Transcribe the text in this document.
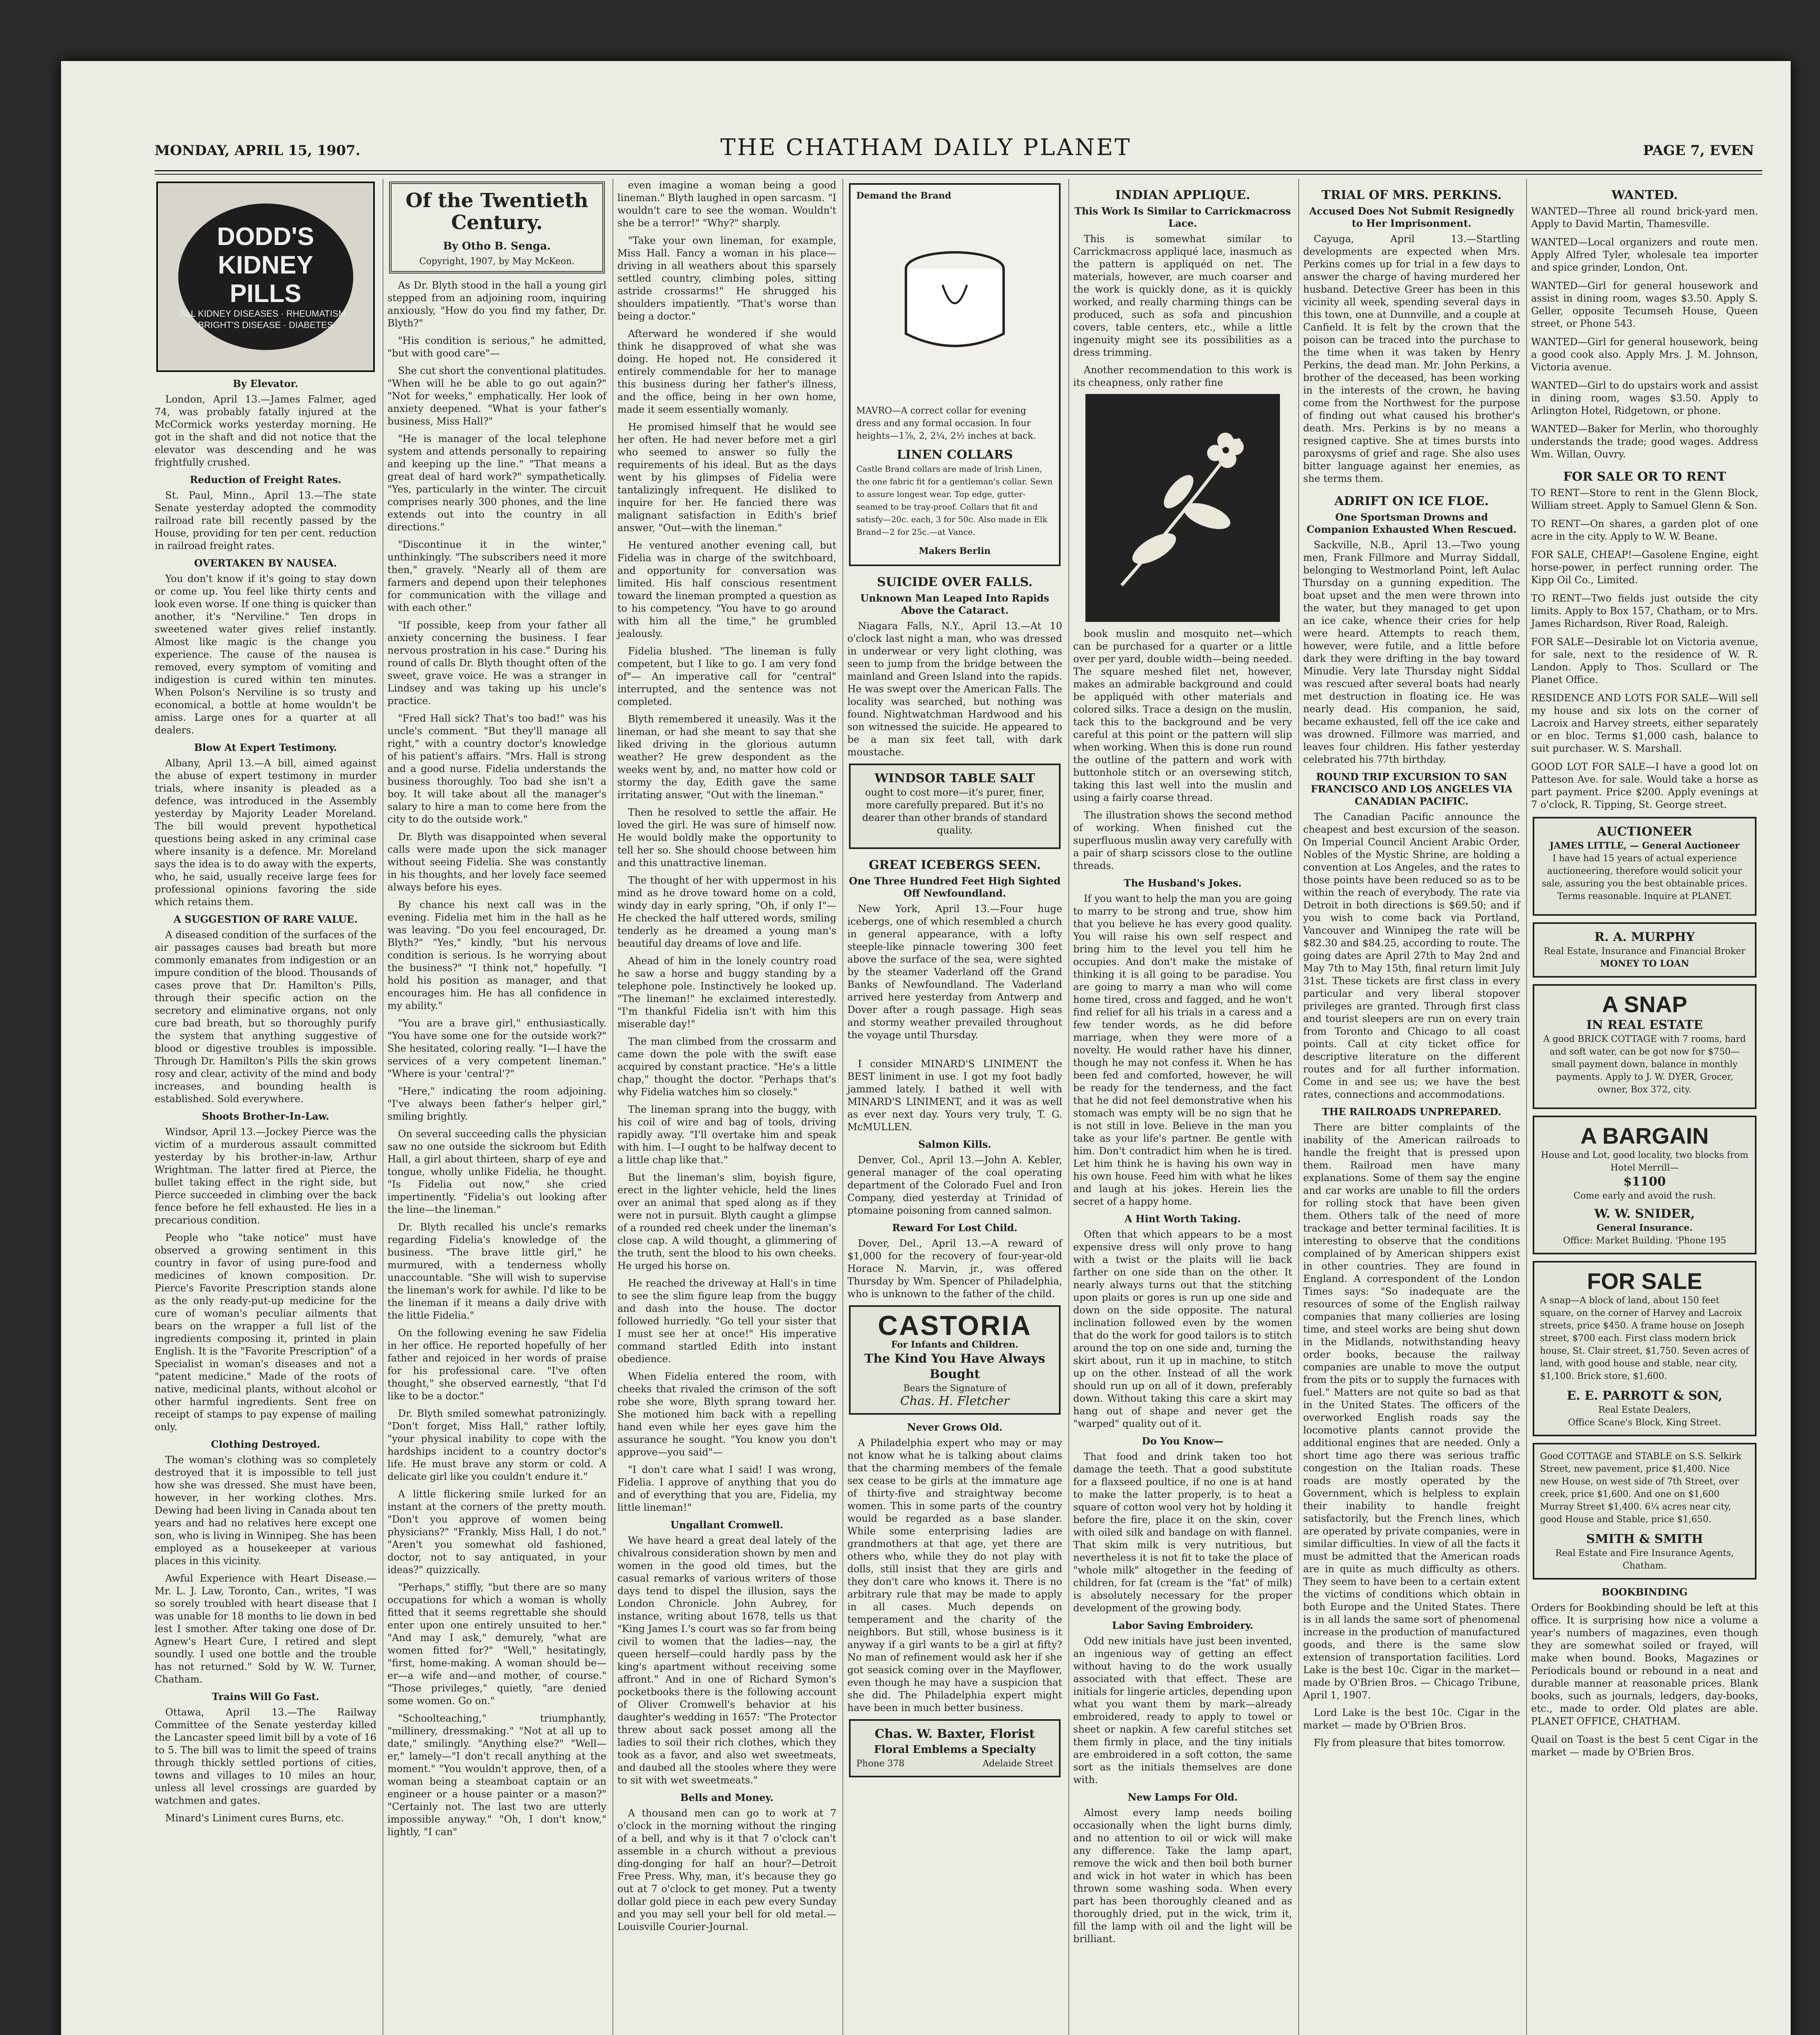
MONDAY, APRIL 15, 1907.	THE CHATHAM DAILY PLANET	PAGE 7, EVEN
DODD'S
KIDNEY
PILLS
ALL KIDNEY DISEASES · RHEUMATISM · BRIGHT'S DISEASE · DIABETES
By Elevator.

London, April 13.—James Falmer, aged 74, was probably fatally injured at the McCormick works yesterday morning. He got in the shaft and did not notice that the elevator was descending and he was frightfully crushed.

Reduction of Freight Rates.

St. Paul, Minn., April 13.—The state Senate yesterday adopted the commodity railroad rate bill recently passed by the House, providing for ten per cent. reduction in railroad freight rates.

OVERTAKEN BY NAUSEA.

You don't know if it's going to stay down or come up. You feel like thirty cents and look even worse. If one thing is quicker than another, it's "Nerviline." Ten drops in sweetened water gives relief instantly. Almost like magic is the change you experience. The cause of the nausea is removed, every symptom of vomiting and indigestion is cured within ten minutes. When Polson's Nerviline is so trusty and economical, a bottle at home wouldn't be amiss. Large ones for a quarter at all dealers.

Blow At Expert Testimony.

Albany, April 13.—A bill, aimed against the abuse of expert testimony in murder trials, where insanity is pleaded as a defence, was introduced in the Assembly yesterday by Majority Leader Moreland. The bill would prevent hypothetical questions being asked in any criminal case where insanity is a defence. Mr. Moreland says the idea is to do away with the experts, who, he said, usually receive large fees for professional opinions favoring the side which retains them.

A SUGGESTION OF RARE VALUE.

A diseased condition of the surfaces of the air passages causes bad breath but more commonly emanates from indigestion or an impure condition of the blood. Thousands of cases prove that Dr. Hamilton's Pills, through their specific action on the secretory and eliminative organs, not only cure bad breath, but so thoroughly purify the system that anything suggestive of blood or digestive troubles is impossible. Through Dr. Hamilton's Pills the skin grows rosy and clear, activity of the mind and body increases, and bounding health is established. Sold everywhere.

Shoots Brother-In-Law.

Windsor, April 13.—Jockey Pierce was the victim of a murderous assault committed yesterday by his brother-in-law, Arthur Wrightman. The latter fired at Pierce, the bullet taking effect in the right side, but Pierce succeeded in climbing over the back fence before he fell exhausted. He lies in a precarious condition.

People who "take notice" must have observed a growing sentiment in this country in favor of using pure-food and medicines of known composition. Dr. Pierce's Favorite Prescription stands alone as the only ready-put-up medicine for the cure of woman's peculiar ailments that bears on the wrapper a full list of the ingredients composing it, printed in plain English. It is the "Favorite Prescription" of a Specialist in woman's diseases and not a "patent medicine." Made of the roots of native, medicinal plants, without alcohol or other harmful ingredients. Sent free on receipt of stamps to pay expense of mailing only.

Clothing Destroyed.

The woman's clothing was so completely destroyed that it is impossible to tell just how she was dressed. She must have been, however, in her working clothes. Mrs. Dewing had been living in Canada about ten years and had no relatives here except one son, who is living in Winnipeg. She has been employed as a housekeeper at various places in this vicinity.

Awful Experience with Heart Disease.—Mr. L. J. Law, Toronto, Can., writes, "I was so sorely troubled with heart disease that I was unable for 18 months to lie down in bed lest I smother. After taking one dose of Dr. Agnew's Heart Cure, I retired and slept soundly. I used one bottle and the trouble has not returned." Sold by W. W. Turner, Chatham.

Trains Will Go Fast.

Ottawa, April 13.—The Railway Committee of the Senate yesterday killed the Lancaster speed limit bill by a vote of 16 to 5. The bill was to limit the speed of trains through thickly settled portions of cities, towns and villages to 10 miles an hour, unless all level crossings are guarded by watchmen and gates.

Minard's Liniment cures Burns, etc.

Of the Twentieth
Century.
By Otho B. Senga.
Copyright, 1907, by May McKeon.

As Dr. Blyth stood in the hall a young girl stepped from an adjoining room, inquiring anxiously, "How do you find my father, Dr. Blyth?"

"His condition is serious," he admitted, "but with good care"—

She cut short the conventional platitudes. "When will he be able to go out again?" "Not for weeks," emphatically. Her look of anxiety deepened. "What is your father's business, Miss Hall?"

"He is manager of the local telephone system and attends personally to repairing and keeping up the line." "That means a great deal of hard work?" sympathetically. "Yes, particularly in the winter. The circuit comprises nearly 300 phones, and the line extends out into the country in all directions."

"Discontinue it in the winter," unthinkingly. "The subscribers need it more then," gravely. "Nearly all of them are farmers and depend upon their telephones for communication with the village and with each other."

"If possible, keep from your father all anxiety concerning the business. I fear nervous prostration in his case." During his round of calls Dr. Blyth thought often of the sweet, grave voice. He was a stranger in Lindsey and was taking up his uncle's practice.

"Fred Hall sick? That's too bad!" was his uncle's comment. "But they'll manage all right," with a country doctor's knowledge of his patient's affairs. "Mrs. Hall is strong and a good nurse. Fidelia understands the business thoroughly. Too bad she isn't a boy. It will take about all the manager's salary to hire a man to come here from the city to do the outside work."

Dr. Blyth was disappointed when several calls were made upon the sick manager without seeing Fidelia. She was constantly in his thoughts, and her lovely face seemed always before his eyes.

By chance his next call was in the evening. Fidelia met him in the hall as he was leaving. "Do you feel encouraged, Dr. Blyth?" "Yes," kindly, "but his nervous condition is serious. Is he worrying about the business?" "I think not," hopefully. "I hold his position as manager, and that encourages him. He has all confidence in my ability."

"You are a brave girl," enthusiastically. "You have some one for the outside work?" She hesitated, coloring really. "I—I have the services of a very competent lineman." "Where is your 'central'?"

"Here," indicating the room adjoining. "I've always been father's helper girl," smiling brightly.

On several succeeding calls the physician saw no one outside the sickroom but Edith Hall, a girl about thirteen, sharp of eye and tongue, wholly unlike Fidelia, he thought. "Is Fidelia out now," she cried impertinently. "Fidelia's out looking after the line—the lineman."

Dr. Blyth recalled his uncle's remarks regarding Fidelia's knowledge of the business. "The brave little girl," he murmured, with a tenderness wholly unaccountable. "She will wish to supervise the lineman's work for awhile. I'd like to be the lineman if it means a daily drive with the little Fidelia."

On the following evening he saw Fidelia in her office. He reported hopefully of her father and rejoiced in her words of praise for his professional care. "I've often thought," she observed earnestly, "that I'd like to be a doctor."

Dr. Blyth smiled somewhat patronizingly. "Don't forget, Miss Hall," rather loftily, "your physical inability to cope with the hardships incident to a country doctor's life. He must brave any storm or cold. A delicate girl like you couldn't endure it."

A little flickering smile lurked for an instant at the corners of the pretty mouth. "Don't you approve of women being physicians?" "Frankly, Miss Hall, I do not." "Aren't you somewhat old fashioned, doctor, not to say antiquated, in your ideas?" quizzically.

"Perhaps," stiffly, "but there are so many occupations for which a woman is wholly fitted that it seems regrettable she should enter upon one entirely unsuited to her." "And may I ask," demurely, "what are women fitted for?" "Well," hesitatingly, "first, home-making. A woman should be—er—a wife and—and mother, of course." "Those privileges," quietly, "are denied some women. Go on."

"Schoolteaching," triumphantly, "millinery, dressmaking." "Not at all up to date," smilingly. "Anything else?" "Well—er," lamely—"I don't recall anything at the moment." "You wouldn't approve, then, of a woman being a steamboat captain or an engineer or a house painter or a mason?" "Certainly not. The last two are utterly impossible anyway." "Oh, I don't know," lightly, "I can"

even imagine a woman being a good lineman." Blyth laughed in open sarcasm. "I wouldn't care to see the woman. Wouldn't she be a terror!" "Why?" sharply.

"Take your own lineman, for example, Miss Hall. Fancy a woman in his place—driving in all weathers about this sparsely settled country, climbing poles, sitting astride crossarms!" He shrugged his shoulders impatiently. "That's worse than being a doctor."

Afterward he wondered if she would think he disapproved of what she was doing. He hoped not. He considered it entirely commendable for her to manage this business during her father's illness, and the office, being in her own home, made it seem essentially womanly.

He promised himself that he would see her often. He had never before met a girl who seemed to answer so fully the requirements of his ideal. But as the days went by his glimpses of Fidelia were tantalizingly infrequent. He disliked to inquire for her. He fancied there was malignant satisfaction in Edith's brief answer, "Out—with the lineman."

He ventured another evening call, but Fidelia was in charge of the switchboard, and opportunity for conversation was limited. His half conscious resentment toward the lineman prompted a question as to his competency. "You have to go around with him all the time," he grumbled jealously.

Fidelia blushed. "The lineman is fully competent, but I like to go. I am very fond of"— An imperative call for "central" interrupted, and the sentence was not completed.

Blyth remembered it uneasily. Was it the lineman, or had she meant to say that she liked driving in the glorious autumn weather? He grew despondent as the weeks went by, and, no matter how cold or stormy the day, Edith gave the same irritating answer, "Out with the lineman."

Then he resolved to settle the affair. He loved the girl. He was sure of himself now. He would boldly make the opportunity to tell her so. She should choose between him and this unattractive lineman.

The thought of her with uppermost in his mind as he drove toward home on a cold, windy day in early spring, "Oh, if only I"— He checked the half uttered words, smiling tenderly as he dreamed a young man's beautiful day dreams of love and life.

Ahead of him in the lonely country road he saw a horse and buggy standing by a telephone pole. Instinctively he looked up. "The lineman!" he exclaimed interestedly. "I'm thankful Fidelia isn't with him this miserable day!"

The man climbed from the crossarm and came down the pole with the swift ease acquired by constant practice. "He's a little chap," thought the doctor. "Perhaps that's why Fidelia watches him so closely."

The lineman sprang into the buggy, with his coil of wire and bag of tools, driving rapidly away. "I'll overtake him and speak with him. I—I ought to be halfway decent to a little chap like that."

But the lineman's slim, boyish figure, erect in the lighter vehicle, held the lines over an animal that sped along as if they were not in pursuit. Blyth caught a glimpse of a rounded red cheek under the lineman's close cap. A wild thought, a glimmering of the truth, sent the blood to his own cheeks. He urged his horse on.

He reached the driveway at Hall's in time to see the slim figure leap from the buggy and dash into the house. The doctor followed hurriedly. "Go tell your sister that I must see her at once!" His imperative command startled Edith into instant obedience.

When Fidelia entered the room, with cheeks that rivaled the crimson of the soft robe she wore, Blyth sprang toward her. She motioned him back with a repelling hand even while her eyes gave him the assurance he sought. "You know you don't approve—you said"—

"I don't care what I said! I was wrong, Fidelia. I approve of anything that you do and of everything that you are, Fidelia, my little lineman!"

Ungallant Cromwell.

We have heard a great deal lately of the chivalrous consideration shown by men and women in the good old times, but the casual remarks of various writers of those days tend to dispel the illusion, says the London Chronicle. John Aubrey, for instance, writing about 1678, tells us that "King James I.'s court was so far from being civil to women that the ladies—nay, the queen herself—could hardly pass by the king's apartment without receiving some affront." And in one of Richard Symon's pocketbooks there is the following account of Oliver Cromwell's behavior at his daughter's wedding in 1657: "The Protector threw about sack posset among all the ladies to soil their rich clothes, which they took as a favor, and also wet sweetmeats, and daubed all the stooles where they were to sit with wet sweetmeats."

Bells and Money.

A thousand men can go to work at 7 o'clock in the morning without the ringing of a bell, and why is it that 7 o'clock can't assemble in a church without a previous ding-donging for half an hour?—Detroit Free Press. Why, man, it's because they go out at 7 o'clock to get money. Put a twenty dollar gold piece in each pew every Sunday and you may sell your bell for old metal.—Louisville Courier-Journal.

Demand the Brand

MAVRO—A correct collar for evening dress and any formal occasion. In four heights—1⅞, 2, 2¼, 2½ inches at back.

LINEN COLLARS

Castle Brand collars are made of Irish Linen, the one fabric fit for a gentleman's collar. Sewn to assure longest wear. Top edge, gutter-seamed to be tray-proof. Collars that fit and satisfy—20c. each, 3 for 50c. Also made in Elk Brand—2 for 25c.—at Vance.

Makers Berlin
SUICIDE OVER FALLS.
Unknown Man Leaped Into Rapids Above the Cataract.

Niagara Falls, N.Y., April 13.—At 10 o'clock last night a man, who was dressed in underwear or very light clothing, was seen to jump from the bridge between the mainland and Green Island into the rapids. He was swept over the American Falls. The locality was searched, but nothing was found. Nightwatchman Hardwood and his son witnessed the suicide. He appeared to be a man six feet tall, with dark moustache.

WINDSOR TABLE SALT

ought to cost more—it's purer, finer, more carefully prepared. But it's no dearer than other brands of standard quality.

GREAT ICEBERGS SEEN.
One Three Hundred Feet High Sighted Off Newfoundland.

New York, April 13.—Four huge icebergs, one of which resembled a church in general appearance, with a lofty steeple-like pinnacle towering 300 feet above the surface of the sea, were sighted by the steamer Vaderland off the Grand Banks of Newfoundland. The Vaderland arrived here yesterday from Antwerp and Dover after a rough passage. High seas and stormy weather prevailed throughout the voyage until Thursday.

I consider MINARD'S LINIMENT the BEST liniment in use. I got my foot badly jammed lately. I bathed it well with MINARD'S LINIMENT, and it was as well as ever next day. Yours very truly, T. G. McMULLEN.

Salmon Kills.

Denver, Col., April 13.—John A. Kebler, general manager of the coal operating department of the Colorado Fuel and Iron Company, died yesterday at Trinidad of ptomaine poisoning from canned salmon.

Reward For Lost Child.

Dover, Del., April 13.—A reward of $1,000 for the recovery of four-year-old Horace N. Marvin, jr., was offered Thursday by Wm. Spencer of Philadelphia, who is unknown to the father of the child.

CASTORIA
For Infants and Children.
The Kind You Have Always Bought
Bears the Signature of
Chas. H. Fletcher
Never Grows Old.

A Philadelphia expert who may or may not know what he is talking about claims that the charming members of the female sex cease to be girls at the immature age of thirty-five and straightway become women. This in some parts of the country would be regarded as a base slander. While some enterprising ladies are grandmothers at that age, yet there are others who, while they do not play with dolls, still insist that they are girls and they don't care who knows it. There is no arbitrary rule that may be made to apply in all cases. Much depends on temperament and the charity of the neighbors. But still, whose business is it anyway if a girl wants to be a girl at fifty? No man of refinement would ask her if she got seasick coming over in the Mayflower, even though he may have a suspicion that she did. The Philadelphia expert might have been in much better business.

Chas. W. Baxter, Florist
Floral Emblems a Specialty
Phone 378	Adelaide Street
INDIAN APPLIQUE.
This Work Is Similar to Carrickmacross Lace.

This is somewhat similar to Carrickmacross appliqué lace, inasmuch as the pattern is appliquéd on net. The materials, however, are much coarser and the work is quickly done, as it is quickly worked, and really charming things can be produced, such as sofa and pincushion covers, table centers, etc., while a little ingenuity might see its possibilities as a dress trimming.

Another recommendation to this work is its cheapness, only rather fine

book muslin and mosquito net—which can be purchased for a quarter or a little over per yard, double width—being needed. The square meshed filet net, however, makes an admirable background and could be appliquéd with other materials and colored silks. Trace a design on the muslin, tack this to the background and be very careful at this point or the pattern will slip when working. When this is done run round the outline of the pattern and work with buttonhole stitch or an oversewing stitch, taking this last well into the muslin and using a fairly coarse thread.

The illustration shows the second method of working. When finished cut the superfluous muslin away very carefully with a pair of sharp scissors close to the outline threads.

The Husband's Jokes.

If you want to help the man you are going to marry to be strong and true, show him that you believe he has every good quality. You will raise his own self respect and bring him to the level you tell him he occupies. And don't make the mistake of thinking it is all going to be paradise. You are going to marry a man who will come home tired, cross and fagged, and he won't find relief for all his trials in a caress and a few tender words, as he did before marriage, when they were more of a novelty. He would rather have his dinner, though he may not confess it. When he has been fed and comforted, however, he will be ready for the tenderness, and the fact that he did not feel demonstrative when his stomach was empty will be no sign that he is not still in love. Believe in the man you take as your life's partner. Be gentle with him. Don't contradict him when he is tired. Let him think he is having his own way in his own house. Feed him with what he likes and laugh at his jokes. Herein lies the secret of a happy home.

A Hint Worth Taking.

Often that which appears to be a most expensive dress will only prove to hang with a twist or the plaits will lie back farther on one side than on the other. It nearly always turns out that the stitching upon plaits or gores is run up one side and down on the side opposite. The natural inclination followed even by the women that do the work for good tailors is to stitch around the top on one side and, turning the skirt about, run it up in machine, to stitch up on the other. Instead of all the work should run up on all of it down, preferably down. Without taking this care a skirt may hang out of shape and never get the "warped" quality out of it.

Do You Know—

That food and drink taken too hot damage the teeth. That a good substitute for a flaxseed poultice, if no one is at hand to make the latter properly, is to heat a square of cotton wool very hot by holding it before the fire, place it on the skin, cover with oiled silk and bandage on with flannel. That skim milk is very nutritious, but nevertheless it is not fit to take the place of "whole milk" altogether in the feeding of children, for fat (cream is the "fat" of milk) is absolutely necessary for the proper development of the growing body.

Labor Saving Embroidery.

Odd new initials have just been invented, an ingenious way of getting an effect without having to do the work usually associated with that effect. These are initials for lingerie articles, depending upon what you want them by mark—already embroidered, ready to apply to towel or sheet or napkin. A few careful stitches set them firmly in place, and the tiny initials are embroidered in a soft cotton, the same sort as the initials themselves are done with.

New Lamps For Old.

Almost every lamp needs boiling occasionally when the light burns dimly, and no attention to oil or wick will make any difference. Take the lamp apart, remove the wick and then boil both burner and wick in hot water in which has been thrown some washing soda. When every part has been thoroughly cleaned and as thoroughly dried, put in the wick, trim it, fill the lamp with oil and the light will be brilliant.

TRIAL OF MRS. PERKINS.
Accused Does Not Submit Resignedly to Her Imprisonment.

Cayuga, April 13.—Startling developments are expected when Mrs. Perkins comes up for trial in a few days to answer the charge of having murdered her husband. Detective Greer has been in this vicinity all week, spending several days in this town, one at Dunnville, and a couple at Canfield. It is felt by the crown that the poison can be traced into the purchase to the time when it was taken by Henry Perkins, the dead man. Mr. John Perkins, a brother of the deceased, has been working in the interests of the crown, he having come from the Northwest for the purpose of finding out what caused his brother's death. Mrs. Perkins is by no means a resigned captive. She at times bursts into paroxysms of grief and rage. She also uses bitter language against her enemies, as she terms them.

ADRIFT ON ICE FLOE.
One Sportsman Drowns and Companion Exhausted When Rescued.

Sackville, N.B., April 13.—Two young men, Frank Fillmore and Murray Siddall, belonging to Westmorland Point, left Aulac Thursday on a gunning expedition. The boat upset and the men were thrown into the water, but they managed to get upon an ice cake, whence their cries for help were heard. Attempts to reach them, however, were futile, and a little before dark they were drifting in the bay toward Minudie. Very late Thursday night Siddal was rescued after several boats had nearly met destruction in floating ice. He was nearly dead. His companion, he said, became exhausted, fell off the ice cake and was drowned. Fillmore was married, and leaves four children. His father yesterday celebrated his 77th birthday.

ROUND TRIP EXCURSION TO SAN FRANCISCO AND LOS ANGELES VIA CANADIAN PACIFIC.

The Canadian Pacific announce the cheapest and best excursion of the season. On Imperial Council Ancient Arabic Order, Nobles of the Mystic Shrine, are holding a convention at Los Angeles, and the rates to those points have been reduced so as to be within the reach of everybody. The rate via Detroit in both directions is $69.50; and if you wish to come back via Portland, Vancouver and Winnipeg the rate will be $82.30 and $84.25, according to route. The going dates are April 27th to May 2nd and May 7th to May 15th, final return limit July 31st. These tickets are first class in every particular and very liberal stopover privileges are granted. Through first class and tourist sleepers are run on every train from Toronto and Chicago to all coast points. Call at city ticket office for descriptive literature on the different routes and for all further information. Come in and see us; we have the best rates, connections and accommodations.

THE RAILROADS UNPREPARED.

There are bitter complaints of the inability of the American railroads to handle the freight that is pressed upon them. Railroad men have many explanations. Some of them say the engine and car works are unable to fill the orders for rolling stock that have been given them. Others talk of the need of more trackage and better terminal facilities. It is interesting to observe that the conditions complained of by American shippers exist in other countries. They are found in England. A correspondent of the London Times says: "So inadequate are the resources of some of the English railway companies that many collieries are losing time, and steel works are being shut down in the Midlands, notwithstanding heavy order books, because the railway companies are unable to move the output from the pits or to supply the furnaces with fuel." Matters are not quite so bad as that in the United States. The officers of the overworked English roads say the locomotive plants cannot provide the additional engines that are needed. Only a short time ago there was serious traffic congestion on the Italian roads. These roads are mostly operated by the Government, which is helpless to explain their inability to handle freight satisfactorily, but the French lines, which are operated by private companies, were in similar difficulties. In view of all the facts it must be admitted that the American roads are in quite as much difficulty as others. They seem to have been to a certain extent the victims of conditions which obtain in both Europe and the United States. There is in all lands the same sort of phenomenal increase in the production of manufactured goods, and there is the same slow extension of transportation facilities. Lord Lake is the best 10c. Cigar in the market—made by O'Brien Bros. — Chicago Tribune, April 1, 1907.

Lord Lake is the best 10c. Cigar in the market — made by O'Brien Bros.

Fly from pleasure that bites tomorrow.

WANTED.

WANTED—Three all round brick-yard men. Apply to David Martin, Thamesville.

WANTED—Local organizers and route men. Apply Alfred Tyler, wholesale tea importer and spice grinder, London, Ont.

WANTED—Girl for general housework and assist in dining room, wages $3.50. Apply S. Geller, opposite Tecumseh House, Queen street, or Phone 543.

WANTED—Girl for general housework, being a good cook also. Apply Mrs. J. M. Johnson, Victoria avenue.

WANTED—Girl to do upstairs work and assist in dining room, wages $3.50. Apply to Arlington Hotel, Ridgetown, or phone.

WANTED—Baker for Merlin, who thoroughly understands the trade; good wages. Address Wm. Willan, Ouvry.

FOR SALE OR TO RENT

TO RENT—Store to rent in the Glenn Block, William street. Apply to Samuel Glenn & Son.

TO RENT—On shares, a garden plot of one acre in the city. Apply to W. W. Beane.

FOR SALE, CHEAP!—Gasolene Engine, eight horse-power, in perfect running order. The Kipp Oil Co., Limited.

TO RENT—Two fields just outside the city limits. Apply to Box 157, Chatham, or to Mrs. James Richardson, River Road, Raleigh.

FOR SALE—Desirable lot on Victoria avenue, for sale, next to the residence of W. R. Landon. Apply to Thos. Scullard or The Planet Office.

RESIDENCE AND LOTS FOR SALE—Will sell my house and six lots on the corner of Lacroix and Harvey streets, either separately or en bloc. Terms $1,000 cash, balance to suit purchaser. W. S. Marshall.

GOOD LOT FOR SALE—I have a good lot on Patteson Ave. for sale. Would take a horse as part payment. Price $200. Apply evenings at 7 o'clock, R. Tipping, St. George street.

AUCTIONEER
JAMES LITTLE, — General Auctioneer

I have had 15 years of actual experience auctioneering, therefore would solicit your sale, assuring you the best obtainable prices. Terms reasonable. Inquire at PLANET.

R. A. MURPHY
Real Estate, Insurance and Financial Broker
MONEY TO LOAN
A SNAP
IN REAL ESTATE

A good BRICK COTTAGE with 7 rooms, hard and soft water, can be got now for $750—small payment down, balance in monthly payments. Apply to J. W. DYER, Grocer, owner, Box 372, city.

A BARGAIN
House and Lot, good locality, two blocks from Hotel Merrill—
$1100
Come early and avoid the rush.
W. W. SNIDER,
General Insurance.
Office: Market Building. 'Phone 195
FOR SALE

A snap—A block of land, about 150 feet square, on the corner of Harvey and Lacroix streets, price $450. A frame house on Joseph street, $700 each. First class modern brick house, St. Clair street, $1,750. Seven acres of land, with good house and stable, near city, $1,100. Brick store, $1,600.

E. E. PARROTT & SON,
Real Estate Dealers,
Office Scane's Block, King Street.

Good COTTAGE and STABLE on S.S. Selkirk Street, new pavement, price $1,400. Nice new House, on west side of 7th Street, over creek, price $1,600. And one on $1,600 Murray Street $1,400. 6¼ acres near city, good House and Stable, price $1,650.

SMITH & SMITH
Real Estate and Fire Insurance Agents, Chatham.
BOOKBINDING

Orders for Bookbinding should be left at this office. It is surprising how nice a volume a year's numbers of magazines, even though they are somewhat soiled or frayed, will make when bound. Books, Magazines or Periodicals bound or rebound in a neat and durable manner at reasonable prices. Blank books, such as journals, ledgers, day-books, etc., made to order. Old plates are able. PLANET OFFICE, CHATHAM.

Quail on Toast is the best 5 cent Cigar in the market — made by O'Brien Bros.
